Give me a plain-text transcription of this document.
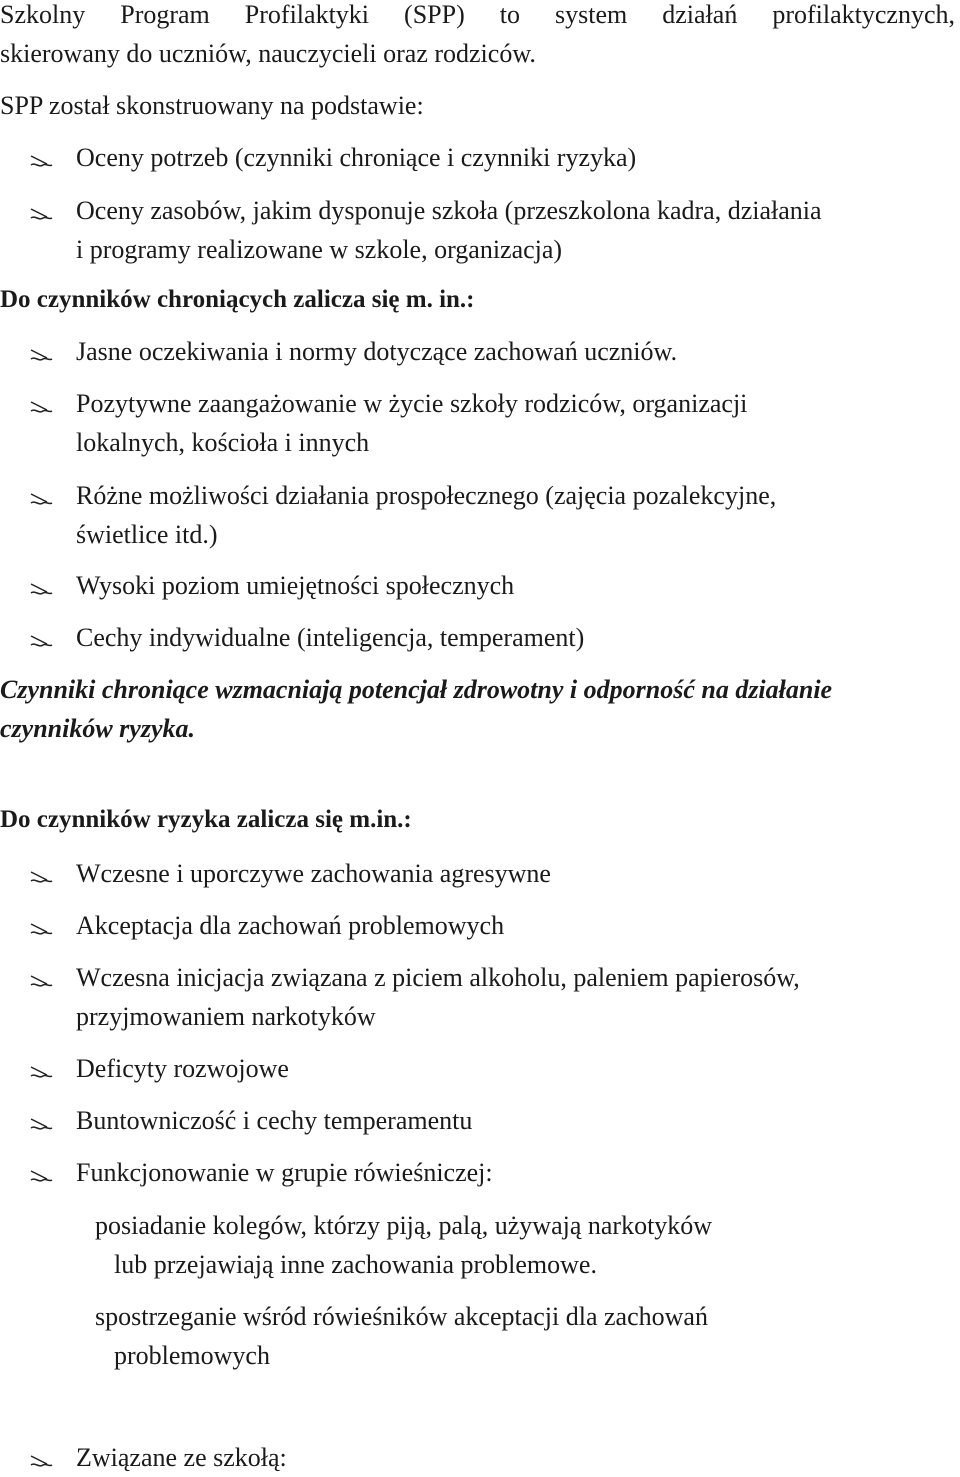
Szkolny Program Profilaktyki (SPP) to system działań profilaktycznych,
skierowany do uczniów, nauczycieli oraz rodziców.

SPP został skonstruowany na podstawie:

Oceny potrzeb (czynniki chroniące i czynniki ryzyka)
Oceny zasobów, jakim dysponuje szkoła (przeszkolona kadra, działania
i programy realizowane w szkole, organizacja)

Do czynników chroniących zalicza się m. in.:

Jasne oczekiwania i normy dotyczące zachowań uczniów.
Pozytywne zaangażowanie w życie szkoły rodziców, organizacji
lokalnych, kościoła i innych
Różne możliwości działania prospołecznego (zajęcia pozalekcyjne,
świetlice itd.)
Wysoki poziom umiejętności społecznych
Cechy indywidualne (inteligencja, temperament)

Czynniki chroniące wzmacniają potencjał zdrowotny i odporność na działanie
czynników ryzyka.

Do czynników ryzyka zalicza się m.in.:

Wczesne i uporczywe zachowania agresywne
Akceptacja dla zachowań problemowych
Wczesna inicjacja związana z piciem alkoholu, paleniem papierosów,
przyjmowaniem narkotyków
Deficyty rozwojowe
Buntowniczość i cechy temperamentu
Funkcjonowanie w grupie rówieśniczej:
posiadanie kolegów, którzy piją, palą, używają narkotyków
lub przejawiają inne zachowania problemowe.
spostrzeganie wśród rówieśników akceptacji dla zachowań
problemowych
Związane ze szkołą:
